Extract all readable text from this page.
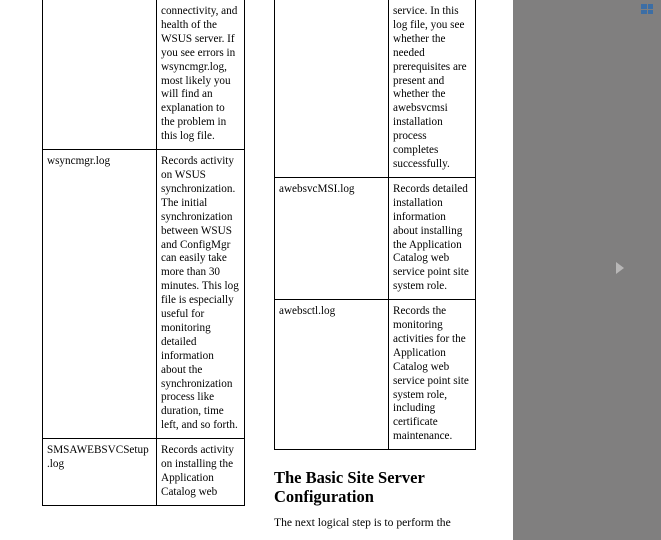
	connectivity, and health of the WSUS server. If you see errors in wsyncmgr.log, most likely you will find an explanation to the problem in this log file.
wsyncmgr.log	Records activity on WSUS synchronization. The initial synchronization between WSUS and ConfigMgr can easily take more than 30 minutes. This log file is especially useful for monitoring detailed information about the synchronization process like duration, time left, and so forth.
SMSAWEBSVCSetup.log	Records activity on installing the Application Catalog web
	service. In this log file, you see whether the needed prerequisites are present and whether the awebsvcmsi installation process completes successfully.
awebsvcMSI.log	Records detailed installation information about installing the Application Catalog web service point site system role.
awebsctl.log	Records the monitoring activities for the Application Catalog web service point site system role, including certificate maintenance.
The Basic Site Server Configuration

The next logical step is to perform the
